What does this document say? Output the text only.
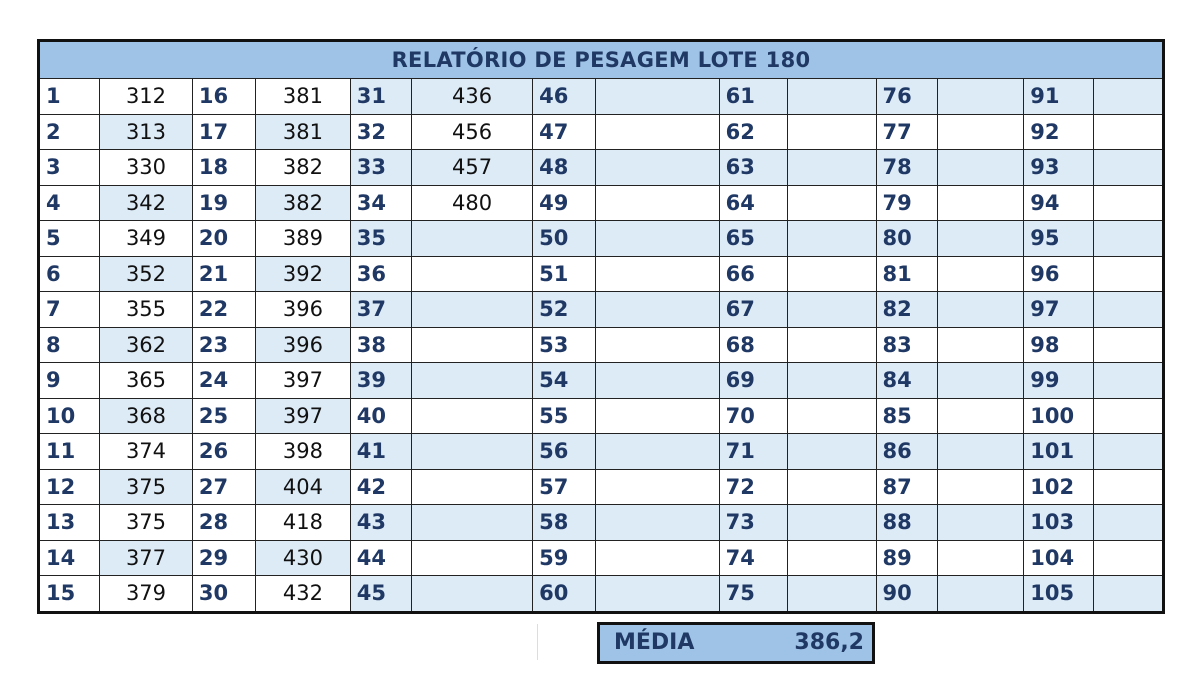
RELATÓRIO DE PESAGEM LOTE 180													
1	312	16	381	31	436	46		61		76		91	
2	313	17	381	32	456	47		62		77		92	
3	330	18	382	33	457	48		63		78		93	
4	342	19	382	34	480	49		64		79		94	
5	349	20	389	35		50		65		80		95	
6	352	21	392	36		51		66		81		96	
7	355	22	396	37		52		67		82		97	
8	362	23	396	38		53		68		83		98	
9	365	24	397	39		54		69		84		99	
10	368	25	397	40		55		70		85		100	
11	374	26	398	41		56		71		86		101	
12	375	27	404	42		57		72		87		102	
13	375	28	418	43		58		73		88		103	
14	377	29	430	44		59		74		89		104	
15	379	30	432	45		60		75		90		105	
MÉDIA	386,2
